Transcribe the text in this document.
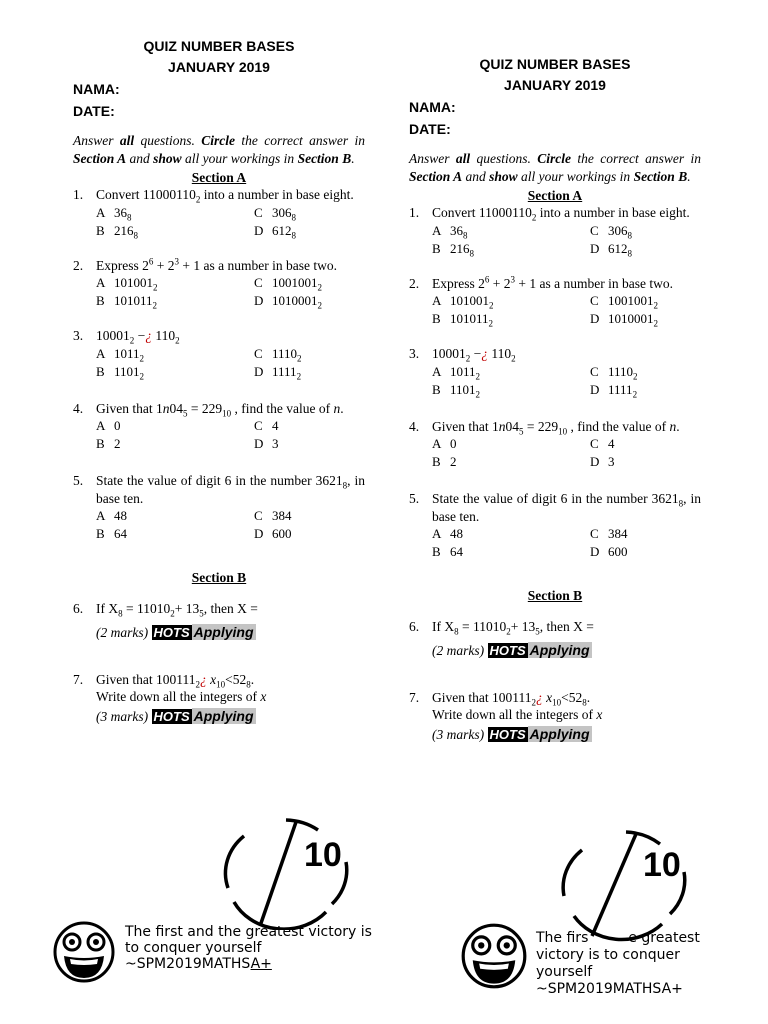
QUIZ NUMBER BASES
JANUARY 2019
NAMA:
DATE:
Answer all questions. Circle the correct answer in Section A and show all your workings in Section B.
Section A
1. Convert $11000110_2$ into a number in base eight.
A $36_8$	C $306_8$
B $216_8$	D $612_8$
2. Express $2^6 + 2^3 + 1$ as a number in base two.
A $101001_2$	C $1001001_2$
B $101011_2$	D $1010001_2$
3. $10001_2$ −¿ $110_2$
A $1011_2$	C $1110_2$
B $1101_2$	D $1111_2$
4. Given that $1n04_5 = 229_{10}$ , find the value of n.
A 0	C 4
B 2	D 3
5. State the value of digit 6 in the number $3621_8$, in base ten.
A 48	C 384
B 64	D 600
Section B
6. If $X_8 = 11010_2+ 13_5$, then X =
(2 marks) HOTS Applying
7. Given that $100111_2¿$ $x_{10}<52_8$.
Write down all the integers of x
(3 marks) HOTS Applying
QUIZ NUMBER BASES
JANUARY 2019
NAMA:
DATE:
Answer all questions. Circle the correct answer in Section A and show all your workings in Section B.
Section A
1. Convert $11000110_2$ into a number in base eight.
A $36_8$	C $306_8$
B $216_8$	D $612_8$
2. Express $2^6 + 2^3 + 1$ as a number in base two.
A $101001_2$	C $1001001_2$
B $101011_2$	D $1010001_2$
3. $10001_2$ −¿ $110_2$
A $1011_2$	C $1110_2$
B $1101_2$	D $1111_2$
4. Given that $1n04_5 = 229_{10}$ , find the value of n.
A 0	C 4
B 2	D 3
5. State the value of digit 6 in the number $3621_8$, in base ten.
A 48	C 384
B 64	D 600
Section B
6. If $X_8 = 11010_2+ 13_5$, then X =
(2 marks) HOTS Applying
7. Given that $100111_2¿$ $x_{10}<52_8$.
Write down all the integers of x
(3 marks) HOTS Applying
10	10
The first and the greatest victory is
to conquer yourself
~SPM2019MATHSA+
The firs	e greatest
victory is to conquer
yourself
~SPM2019MATHSA+
